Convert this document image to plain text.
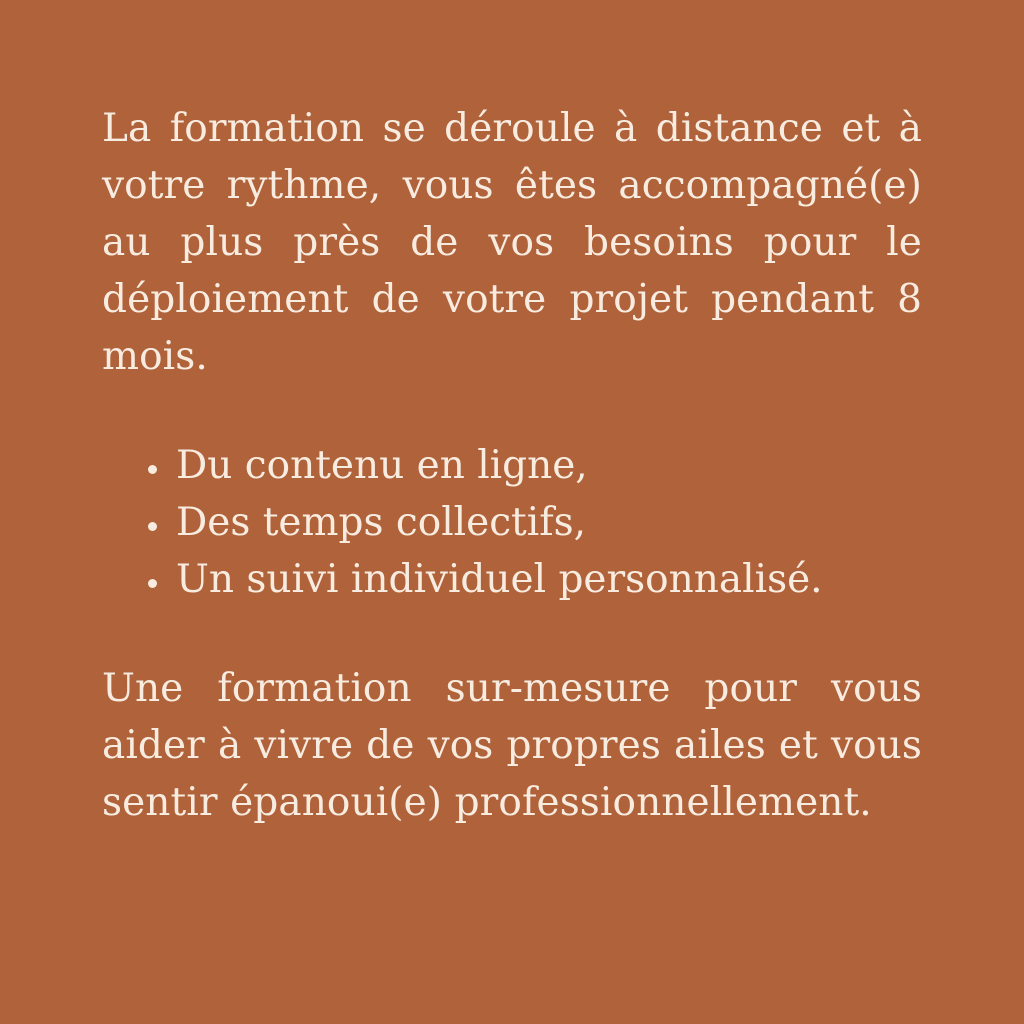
La formation se déroule à distance et à votre rythme, vous êtes accompagné(e) au plus près de vos besoins pour le déploiement de votre projet pendant 8 mois.

• Du contenu en ligne,
• Des temps collectifs,
• Un suivi individuel personnalisé.

Une formation sur-mesure pour vous aider à vivre de vos propres ailes et vous sentir épanoui(e) professionnellement.
